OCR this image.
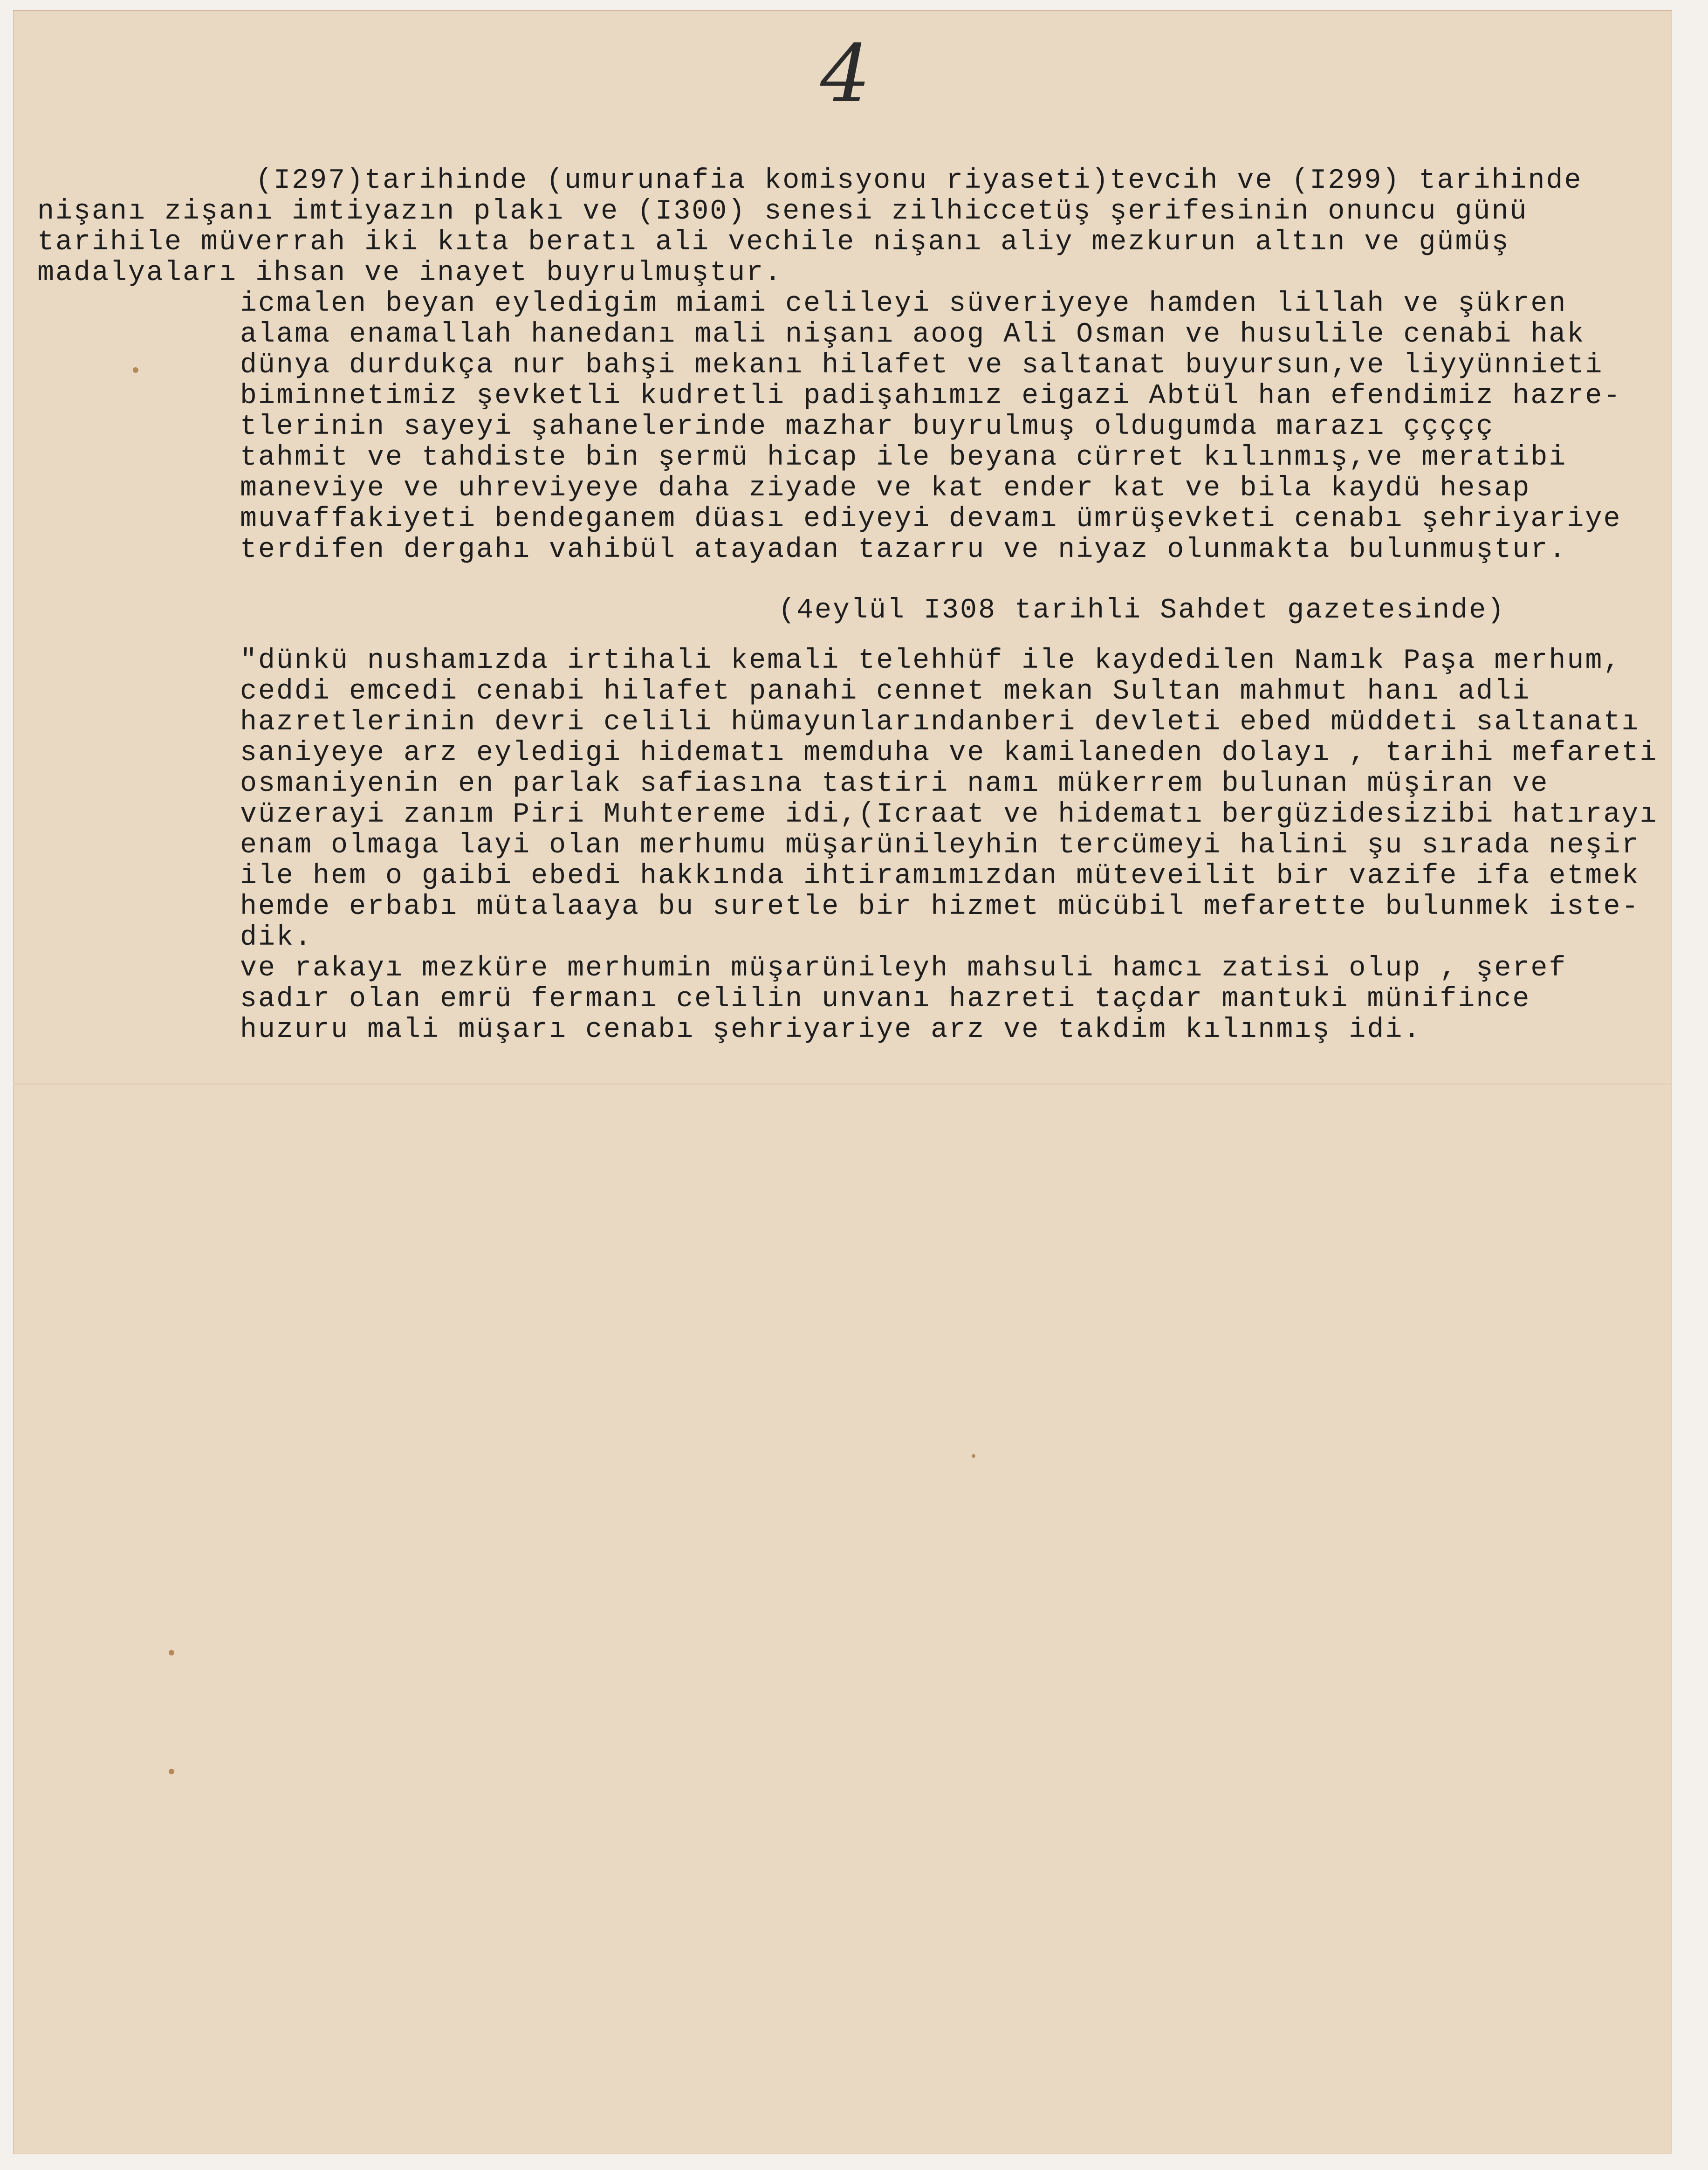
4
(I297)tarihinde (umurunafia komisyonu riyaseti)tevcih ve (I299) tarihinde
nişanı zişanı imtiyazın plakı ve (I300) senesi zilhiccetüş şerifesinin onuncu günü
tarihile müverrah iki kıta beratı ali vechile nişanı aliy mezkurun altın ve gümüş
madalyaları ihsan ve inayet buyrulmuştur.
icmalen beyan eyledigim miami celileyi süveriyeye hamden lillah ve şükren
alama enamallah hanedanı mali nişanı aoog Ali Osman ve husulile cenabi hak
dünya durdukça nur bahşi mekanı hilafet ve saltanat buyursun,ve liyyünnieti
biminnetimiz şevketli kudretli padişahımız eigazi Abtül han efendimiz hazre-
tlerinin sayeyi şahanelerinde mazhar buyrulmuş oldugumda marazı ççççç
tahmit ve tahdiste bin şermü hicap ile beyana cürret kılınmış,ve meratibi
maneviye ve uhreviyeye daha ziyade ve kat ender kat ve bila kaydü hesap
muvaffakiyeti bendeganem düası ediyeyi devamı ümrüşevketi cenabı şehriyariye
terdifen dergahı vahibül atayadan tazarru ve niyaz olunmakta bulunmuştur.
(4eylül I308 tarihli Sahdet gazetesinde)
"dünkü nushamızda irtihali kemali telehhüf ile kaydedilen Namık Paşa merhum,
ceddi emcedi cenabi hilafet panahi cennet mekan Sultan mahmut hanı adli
hazretlerinin devri celili hümayunlarındanberi devleti ebed müddeti saltanatı
saniyeye arz eyledigi hidematı memduha ve kamilaneden dolayı , tarihi mefareti
osmaniyenin en parlak safiasına tastiri namı mükerrem bulunan müşiran ve
vüzerayi zanım Piri Muhtereme idi,(Icraat ve hidematı bergüzidesizibi hatırayı
enam olmaga layi olan merhumu müşarünileyhin tercümeyi halini şu sırada neşir
ile hem o gaibi ebedi hakkında ihtiramımızdan müteveilit bir vazife ifa etmek
hemde erbabı mütalaaya bu suretle bir hizmet mücübil mefarette bulunmek iste-
dik.
ve rakayı mezküre merhumin müşarünileyh mahsuli hamcı zatisi olup , şeref
sadır olan emrü fermanı celilin unvanı hazreti taçdar mantuki münifince
huzuru mali müşarı cenabı şehriyariye arz ve takdim kılınmış idi.
